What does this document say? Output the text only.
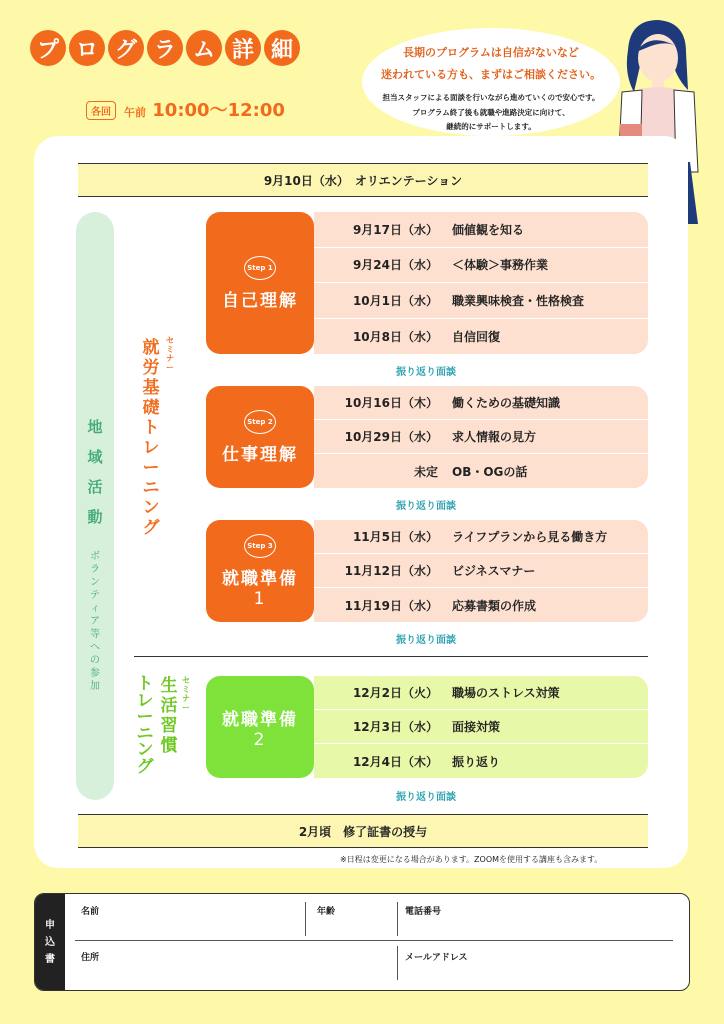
プ ロ グ ラ ム 詳 細
各回	午前 10:00〜12:00
長期のプログラムは自信がないなど
迷われている方も、まずはご相談ください。
担当スタッフによる面談を行いながら進めていくので安心です。
プログラム終了後も就職や進路決定に向けて、
継続的にサポートします。
9月10日（水）　オリエンテーション
地域活動
ボランティア等への参加
セミナー
就労基礎トレーニング
セミナー
生活習慣
トレーニング
Step 1
自己理解
9月17日（水）	価値観を知る
9月24日（水）	＜体験＞事務作業
10月1日（水）	職業興味検査・性格検査
10月8日（水）	自信回復
振り返り面談
Step 2
仕事理解
10月16日（木）	働くための基礎知識
10月29日（水）	求人情報の見方
未定	OB・OGの話
振り返り面談
Step 3
就職準備
1
11月5日（水）	ライフプランから見る働き方
11月12日（水）	ビジネスマナー
11月19日（水）	応募書類の作成
振り返り面談
就職準備
2
12月2日（火）	職場のストレス対策
12月3日（水）	面接対策
12月4日（木）	振り返り
振り返り面談
2月頃　修了証書の授与
※日程は変更になる場合があります。ZOOMを使用する講座も含みます。
申
込
書
名前	年齢	電話番号
住所	メールアドレス
